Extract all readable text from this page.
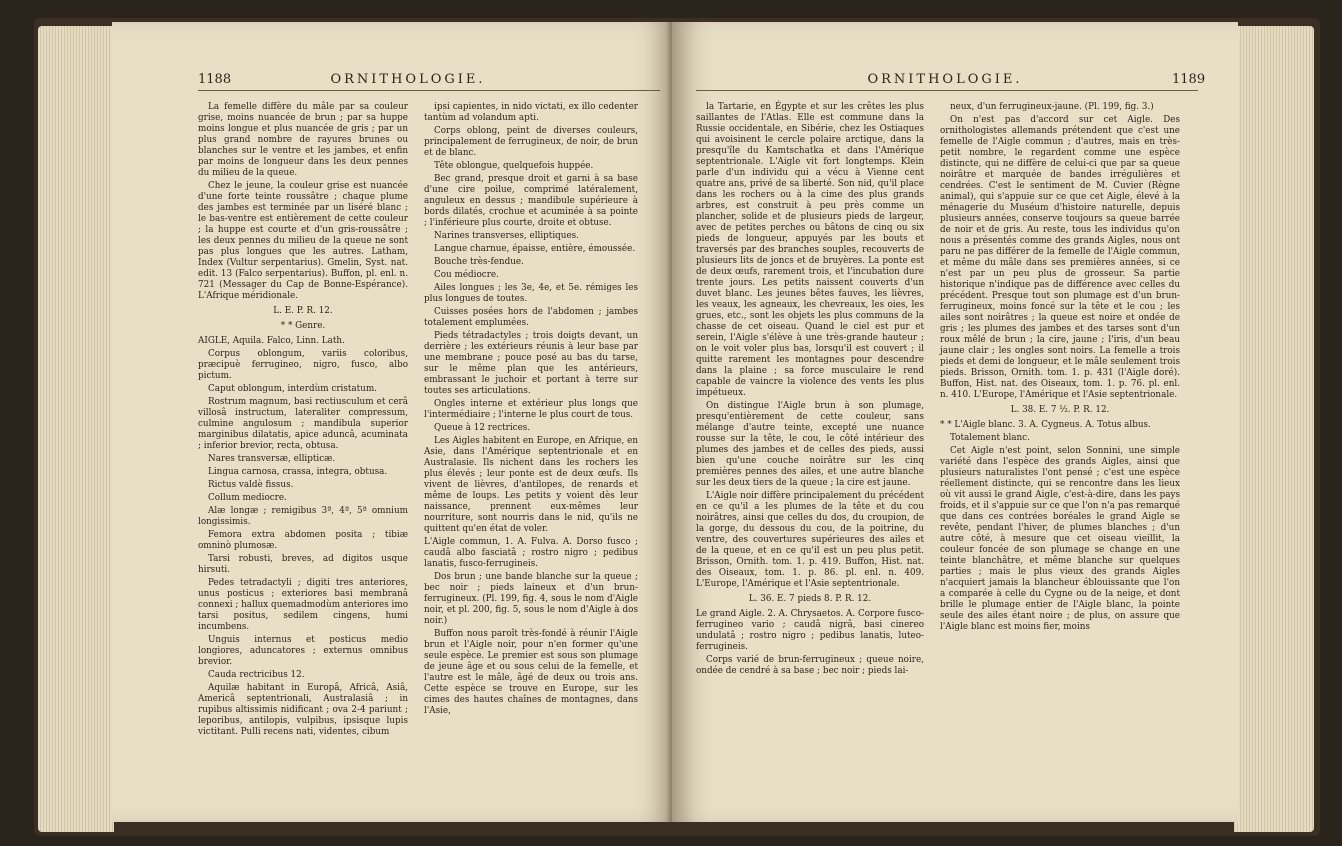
1188	ORNITHOLOGIE.

La femelle diffère du mâle par sa couleur grise, moins nuancée de brun ; par sa huppe moins longue et plus nuancée de gris ; par un plus grand nombre de rayures brunes ou blanches sur le ventre et les jambes, et enfin par moins de longueur dans les deux pennes du milieu de la queue.

Chez le jeune, la couleur grise est nuancée d'une forte teinte roussâtre ; chaque plume des jambes est terminée par un liséré blanc ; le bas-ventre est entièrement de cette couleur ; la huppe est courte et d'un gris-roussâtre ; les deux pennes du milieu de la queue ne sont pas plus longues que les autres. Latham, Index (Vultur serpentarius). Gmelin, Syst. nat. edit. 13 (Falco serpentarius). Buffon, pl. enl. n. 721 (Messager du Cap de Bonne-Espérance). L'Afrique méridionale.

L. E. P. R. 12.

* * Genre.

AIGLE, Aquila. Falco, Linn. Lath.

Corpus oblongum, variis coloribus, præcipuè ferrugineo, nigro, fusco, albo pictum.

Caput oblongum, interdùm cristatum.

Rostrum magnum, basi rectiusculum et cerâ villosâ instructum, lateraliter compressum, culmine angulosum ; mandibula superior marginibus dilatatis, apice aduncâ, acuminata ; inferior brevior, recta, obtusa.

Nares transversæ, ellipticæ.

Lingua carnosa, crassa, integra, obtusa.

Rictus valdè fissus.

Collum mediocre.

Alæ longæ ; remigibus 3ª, 4ª, 5ª omnium longissimis.

Femora extra abdomen posita ; tibiæ omninò plumosæ.

Tarsi robusti, breves, ad digitos usque hirsuti.

Pedes tetradactyli ; digiti tres anteriores, unus posticus ; exteriores basi membranâ connexi ; hallux quemadmodùm anteriores imo tarsi positus, sedilem cingens, humi incumbens.

Unguis internus et posticus medio longiores, aduncatores ; externus omnibus brevior.

Cauda rectricibus 12.

Aquilæ habitant in Europâ, Africâ, Asiâ, Americâ septentrionali, Australasiâ ; in rupibus altissimis nidificant ; ova 2-4 pariunt ; leporibus, antilopis, vulpibus, ipsisque lupis victitant. Pulli recens nati, videntes, cibum

ipsi capientes, in nido victati, ex illo cedenter tantùm ad volandum apti.

Corps oblong, peint de diverses couleurs, principalement de ferrugineux, de noir, de brun et de blanc.

Tête oblongue, quelquefois huppée.

Bec grand, presque droit et garni à sa base d'une cire poilue, comprimé latéralement, anguleux en dessus ; mandibule supérieure à bords dilatés, crochue et acuminée à sa pointe ; l'inférieure plus courte, droite et obtuse.

Narines transverses, elliptiques.

Langue charnue, épaisse, entière, émoussée.

Bouche très-fendue.

Cou médiocre.

Ailes longues ; les 3e, 4e, et 5e. rémiges les plus longues de toutes.

Cuisses posées hors de l'abdomen ; jambes totalement emplumées.

Pieds tétradactyles ; trois doigts devant, un derrière ; les extérieurs réunis à leur base par une membrane ; pouce posé au bas du tarse, sur le même plan que les antérieurs, embrassant le juchoir et portant à terre sur toutes ses articulations.

Ongles interne et extérieur plus longs que l'intermédiaire ; l'interne le plus court de tous.

Queue à 12 rectrices.

Les Aigles habitent en Europe, en Afrique, en Asie, dans l'Amérique septentrionale et en Australasie. Ils nichent dans les rochers les plus élevés ; leur ponte est de deux œufs. Ils vivent de lièvres, d'antilopes, de renards et même de loups. Les petits y voient dès leur naissance, prennent eux-mêmes leur nourriture, sont nourris dans le nid, qu'ils ne quittent qu'en état de voler.

L'Aigle commun, 1. A. Fulva. A. Dorso fusco ; caudâ albo fasciatâ ; rostro nigro ; pedibus lanatis, fusco-ferrugineis.

Dos brun ; une bande blanche sur la queue ; bec noir ; pieds laineux et d'un brun-ferrugineux. (Pl. 199, fig. 4, sous le nom d'Aigle noir, et pl. 200, fig. 5, sous le nom d'Aigle à dos noir.)

Buffon nous paroît très-fondé à réunir l'Aigle brun et l'Aigle noir, pour n'en former qu'une seule espèce. Le premier est sous son plumage de jeune âge et ou sous celui de la femelle, et l'autre est le mâle, âgé de deux ou trois ans. Cette espèce se trouve en Europe, sur les cimes des hautes chaînes de montagnes, dans l'Asie,

1189
ORNITHOLOGIE.

la Tartarie, en Égypte et sur les crêtes les plus saillantes de l'Atlas. Elle est commune dans la Russie occidentale, en Sibérie, chez les Ostiaques qui avoisinent le cercle polaire arctique, dans la presqu'île du Kamtschatka et dans l'Amérique septentrionale. L'Aigle vit fort longtemps. Klein parle d'un individu qui a vécu à Vienne cent quatre ans, privé de sa liberté. Son nid, qu'il place dans les rochers ou à la cime des plus grands arbres, est construit à peu près comme un plancher, solide et de plusieurs pieds de largeur, avec de petites perches ou bâtons de cinq ou six pieds de longueur, appuyés par les bouts et traversés par des branches souples, recouverts de plusieurs lits de joncs et de bruyères. La ponte est de deux œufs, rarement trois, et l'incubation dure trente jours. Les petits naissent couverts d'un duvet blanc. Les jeunes bêtes fauves, les lièvres, les veaux, les agneaux, les chevreaux, les oies, les grues, etc., sont les objets les plus communs de la chasse de cet oiseau. Quand le ciel est pur et serein, l'Aigle s'élève à une très-grande hauteur ; on le voit voler plus bas, lorsqu'il est couvert ; il quitte rarement les montagnes pour descendre dans la plaine ; sa force musculaire le rend capable de vaincre la violence des vents les plus impétueux.

On distingue l'Aigle brun à son plumage, presqu'entièrement de cette couleur, sans mélange d'autre teinte, excepté une nuance rousse sur la tête, le cou, le côté intérieur des plumes des jambes et de celles des pieds, aussi bien qu'une couche noirâtre sur les cinq premières pennes des ailes, et une autre blanche sur les deux tiers de la queue ; la cire est jaune.

L'Aigle noir diffère principalement du précédent en ce qu'il a les plumes de la tête et du cou noirâtres, ainsi que celles du dos, du croupion, de la gorge, du dessous du cou, de la poitrine, du ventre, des couvertures supérieures des ailes et de la queue, et en ce qu'il est un peu plus petit. Brisson, Ornith. tom. 1. p. 419. Buffon, Hist. nat. des Oiseaux, tom. 1. p. 86. pl. enl. n. 409. L'Europe, l'Amérique et l'Asie septentrionale.

L. 36. E. 7 pieds 8. P. R. 12.

Le grand Aigle. 2. A. Chrysaetos. A. Corpore fusco-ferrugineo vario ; caudâ nigrâ, basi cinereo undulatâ ; rostro nigro ; pedibus lanatis, luteo-ferrugineis.

Corps varié de brun-ferrugineux ; queue noire, ondée de cendré à sa base ; bec noir ; pieds lai-

neux, d'un ferrugineux-jaune. (Pl. 199, fig. 3.)

On n'est pas d'accord sur cet Aigle. Des ornithologistes allemands prétendent que c'est une femelle de l'Aigle commun ; d'autres, mais en très-petit nombre, le regardent comme une espèce distincte, qui ne diffère de celui-ci que par sa queue noirâtre et marquée de bandes irrégulières et cendrées. C'est le sentiment de M. Cuvier (Règne animal), qui s'appuie sur ce que cet Aigle, élevé à la ménagerie du Muséum d'histoire naturelle, depuis plusieurs années, conserve toujours sa queue barrée de noir et de gris. Au reste, tous les individus qu'on nous a présentés comme des grands Aigles, nous ont paru ne pas différer de la femelle de l'Aigle commun, et même du mâle dans ses premières années, si ce n'est par un peu plus de grosseur. Sa partie historique n'indique pas de différence avec celles du précédent. Presque tout son plumage est d'un brun-ferrugineux, moins foncé sur la tête et le cou ; les ailes sont noirâtres ; la queue est noire et ondée de gris ; les plumes des jambes et des tarses sont d'un roux mêlé de brun ; la cire, jaune ; l'iris, d'un beau jaune clair ; les ongles sont noirs. La femelle a trois pieds et demi de longueur, et le mâle seulement trois pieds. Brisson, Ornith. tom. 1. p. 431 (l'Aigle doré). Buffon, Hist. nat. des Oiseaux, tom. 1. p. 76. pl. enl. n. 410. L'Europe, l'Amérique et l'Asie septentrionale.

L. 38. E. 7 ½. P. R. 12.

* * L'Aigle blanc. 3. A. Cygneus. A. Totus albus.

Totalement blanc.

Cet Aigle n'est point, selon Sonnini, une simple variété dans l'espèce des grands Aigles, ainsi que plusieurs naturalistes l'ont pensé ; c'est une espèce réellement distincte, qui se rencontre dans les lieux où vit aussi le grand Aigle, c'est-à-dire, dans les pays froids, et il s'appuie sur ce que l'on n'a pas remarqué que dans ces contrées boréales le grand Aigle se revête, pendant l'hiver, de plumes blanches ; d'un autre côté, à mesure que cet oiseau vieillit, la couleur foncée de son plumage se change en une teinte blanchâtre, et même blanche sur quelques parties ; mais le plus vieux des grands Aigles n'acquiert jamais la blancheur éblouissante que l'on a comparée à celle du Cygne ou de la neige, et dont brille le plumage entier de l'Aigle blanc, la pointe seule des ailes étant noire ; de plus, on assure que l'Aigle blanc est moins fier, moins
